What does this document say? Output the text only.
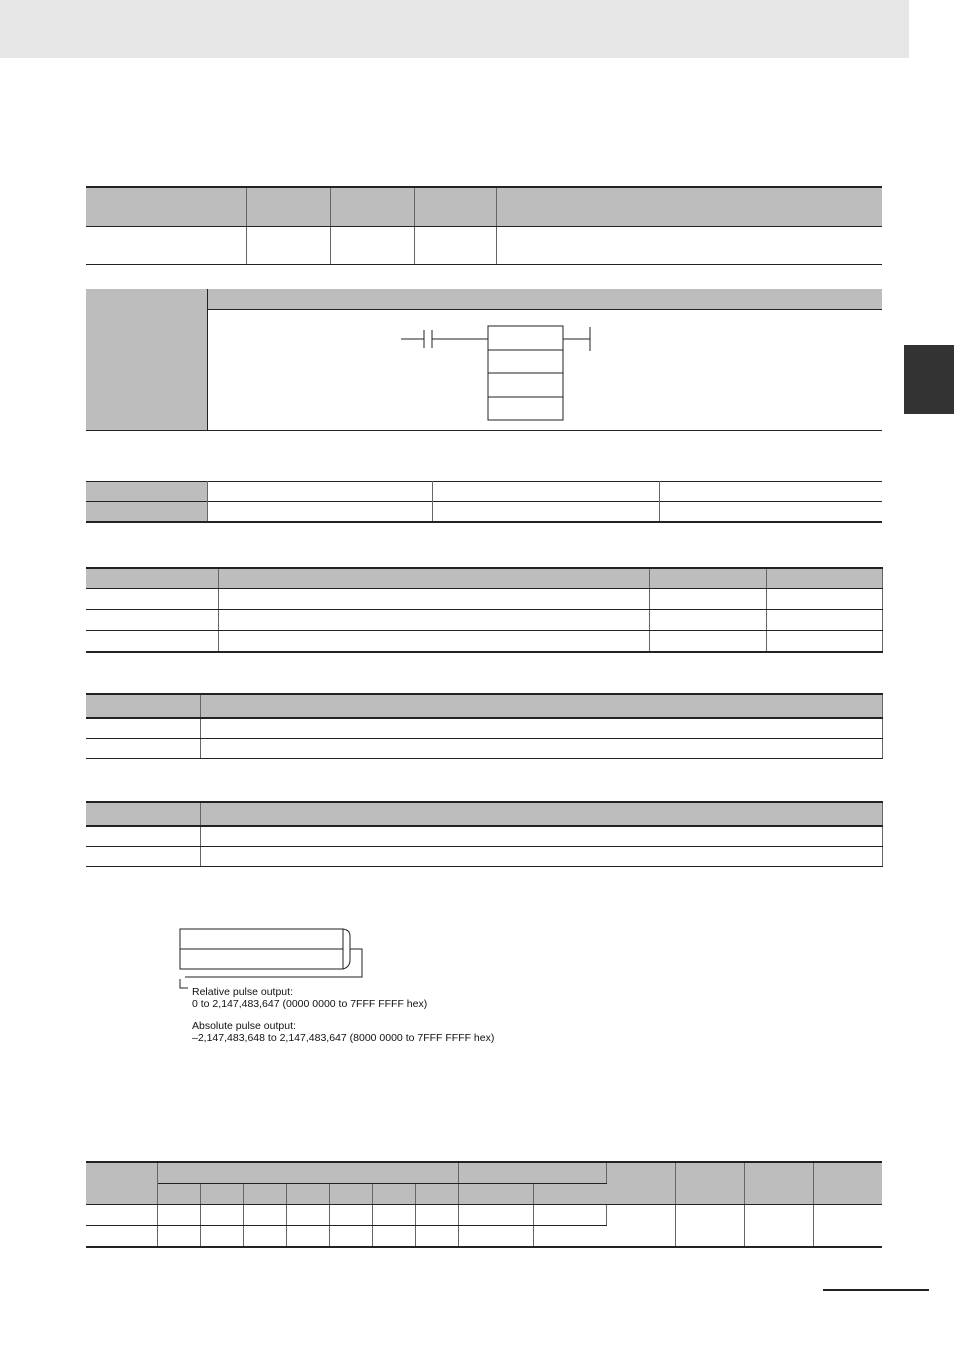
Relative pulse output:
0 to 2,147,483,647 (0000 0000 to 7FFF FFFF hex)
Absolute pulse output:
–2,147,483,648 to 2,147,483,647 (8000 0000 to 7FFF FFFF hex)
